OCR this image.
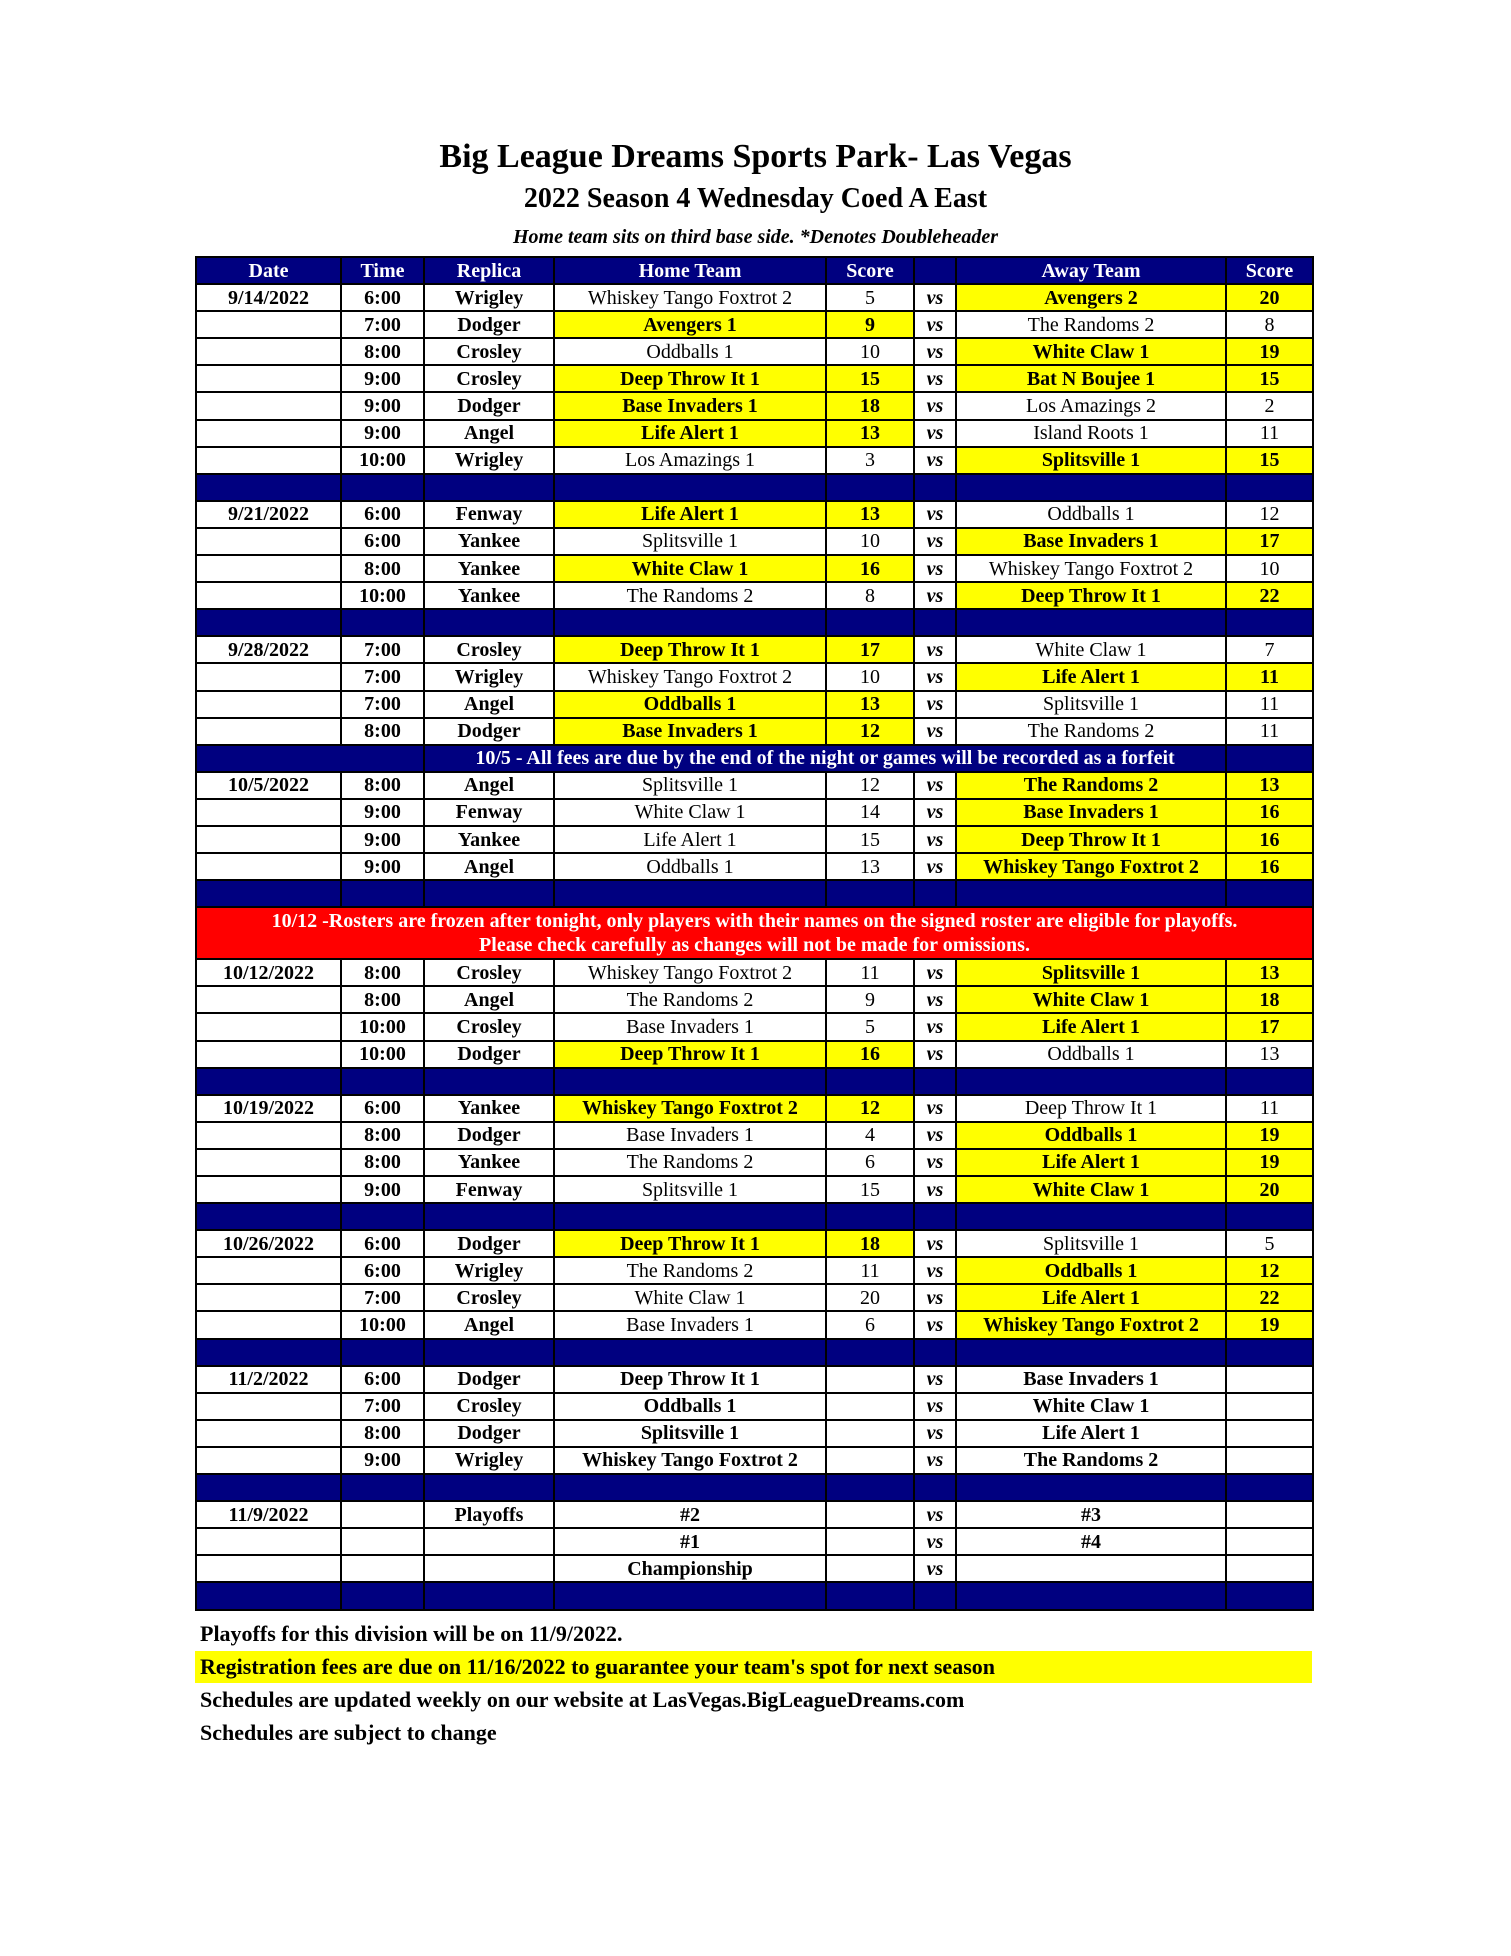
Big League Dreams Sports Park- Las Vegas
2022 Season 4 Wednesday Coed A East
Home team sits on third base side. *Denotes Doubleheader
Date	Time	Replica	Home Team	Score		Away Team	Score
9/14/2022	6:00	Wrigley	Whiskey Tango Foxtrot 2	5	vs	Avengers 2	20
	7:00	Dodger	Avengers 1	9	vs	The Randoms 2	8
	8:00	Crosley	Oddballs 1	10	vs	White Claw 1	19
	9:00	Crosley	Deep Throw It 1	15	vs	Bat N Boujee 1	15
	9:00	Dodger	Base Invaders 1	18	vs	Los Amazings 2	2
	9:00	Angel	Life Alert 1	13	vs	Island Roots 1	11
	10:00	Wrigley	Los Amazings 1	3	vs	Splitsville 1	15

9/21/2022	6:00	Fenway	Life Alert 1	13	vs	Oddballs 1	12
	6:00	Yankee	Splitsville 1	10	vs	Base Invaders 1	17
	8:00	Yankee	White Claw 1	16	vs	Whiskey Tango Foxtrot 2	10
	10:00	Yankee	The Randoms 2	8	vs	Deep Throw It 1	22

9/28/2022	7:00	Crosley	Deep Throw It 1	17	vs	White Claw 1	7
	7:00	Wrigley	Whiskey Tango Foxtrot 2	10	vs	Life Alert 1	11
	7:00	Angel	Oddballs 1	13	vs	Splitsville 1	11
	8:00	Dodger	Base Invaders 1	12	vs	The Randoms 2	11
		10/5 - All fees are due by the end of the night or games will be recorded as a forfeit					
10/5/2022	8:00	Angel	Splitsville 1	12	vs	The Randoms 2	13
	9:00	Fenway	White Claw 1	14	vs	Base Invaders 1	16
	9:00	Yankee	Life Alert 1	15	vs	Deep Throw It 1	16
	9:00	Angel	Oddballs 1	13	vs	Whiskey Tango Foxtrot 2	16

10/12 -Rosters are frozen after tonight, only players with their names on the signed roster are eligible for playoffs.
Please check carefully as changes will not be made for omissions.							

10/12/2022	8:00	Crosley	Whiskey Tango Foxtrot 2	11	vs	Splitsville 1	13
	8:00	Angel	The Randoms 2	9	vs	White Claw 1	18
	10:00	Crosley	Base Invaders 1	5	vs	Life Alert 1	17
	10:00	Dodger	Deep Throw It 1	16	vs	Oddballs 1	13

10/19/2022	6:00	Yankee	Whiskey Tango Foxtrot 2	12	vs	Deep Throw It 1	11
	8:00	Dodger	Base Invaders 1	4	vs	Oddballs 1	19
	8:00	Yankee	The Randoms 2	6	vs	Life Alert 1	19
	9:00	Fenway	Splitsville 1	15	vs	White Claw 1	20

10/26/2022	6:00	Dodger	Deep Throw It 1	18	vs	Splitsville 1	5
	6:00	Wrigley	The Randoms 2	11	vs	Oddballs 1	12
	7:00	Crosley	White Claw 1	20	vs	Life Alert 1	22
	10:00	Angel	Base Invaders 1	6	vs	Whiskey Tango Foxtrot 2	19

11/2/2022	6:00	Dodger	Deep Throw It 1		vs	Base Invaders 1	
	7:00	Crosley	Oddballs 1		vs	White Claw 1	
	8:00	Dodger	Splitsville 1		vs	Life Alert 1	
	9:00	Wrigley	Whiskey Tango Foxtrot 2		vs	The Randoms 2	

11/9/2022		Playoffs	#2		vs	#3	
			#1		vs	#4	
			Championship		vs		

Playoffs for this division will be on 11/9/2022.
Registration fees are due on 11/16/2022 to guarantee your team's spot for next season
Schedules are updated weekly on our website at LasVegas.BigLeagueDreams.com
Schedules are subject to change
